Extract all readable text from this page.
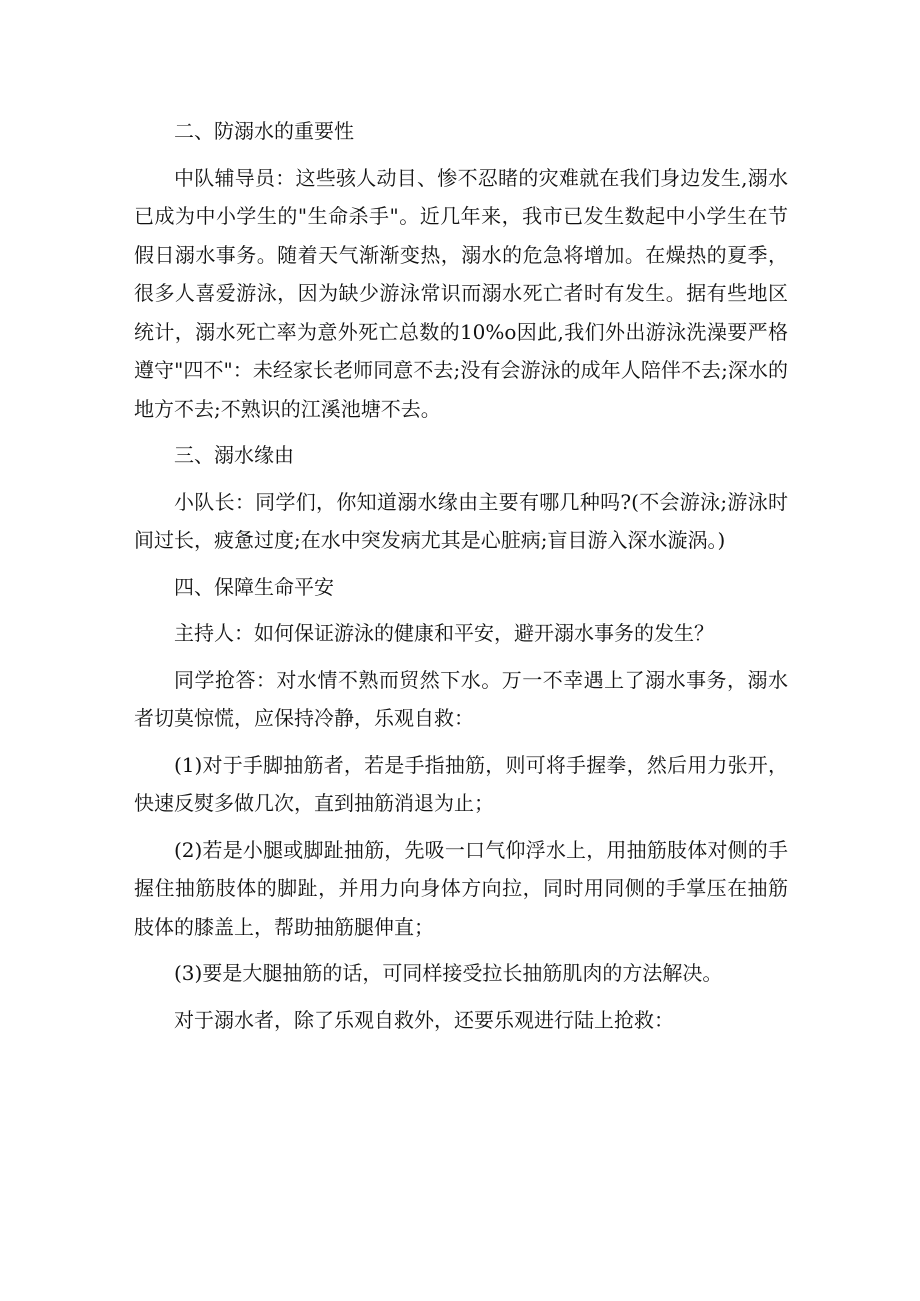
二、防溺水的重要性

中队辅导员：这些骇人动目、惨不忍睹的灾难就在我们身边发生,溺水已成为中小学生的"生命杀手"。近几年来，我市已发生数起中小学生在节假日溺水事务。随着天气渐渐变热，溺水的危急将增加。在燥热的夏季，很多人喜爱游泳，因为缺少游泳常识而溺水死亡者时有发生。据有些地区统计，溺水死亡率为意外死亡总数的10%o因此,我们外出游泳洗澡要严格遵守"四不"：未经家长老师同意不去;没有会游泳的成年人陪伴不去;深水的地方不去;不熟识的江溪池塘不去。

三、溺水缘由

小队长：同学们，你知道溺水缘由主要有哪几种吗?(不会游泳;游泳时间过长，疲惫过度;在水中突发病尤其是心脏病;盲目游入深水漩涡。)

四、保障生命平安

主持人：如何保证游泳的健康和平安，避开溺水事务的发生？

同学抢答：对水情不熟而贸然下水。万一不幸遇上了溺水事务，溺水者切莫惊慌，应保持冷静，乐观自救：

(1)对于手脚抽筋者，若是手指抽筋，则可将手握拳，然后用力张开，快速反熨多做几次，直到抽筋消退为止；

(2)若是小腿或脚趾抽筋，先吸一口气仰浮水上，用抽筋肢体对侧的手握住抽筋肢体的脚趾，并用力向身体方向拉，同时用同侧的手掌压在抽筋肢体的膝盖上，帮助抽筋腿伸直；

(3)要是大腿抽筋的话，可同样接受拉长抽筋肌肉的方法解决。

对于溺水者，除了乐观自救外，还要乐观进行陆上抢救：
